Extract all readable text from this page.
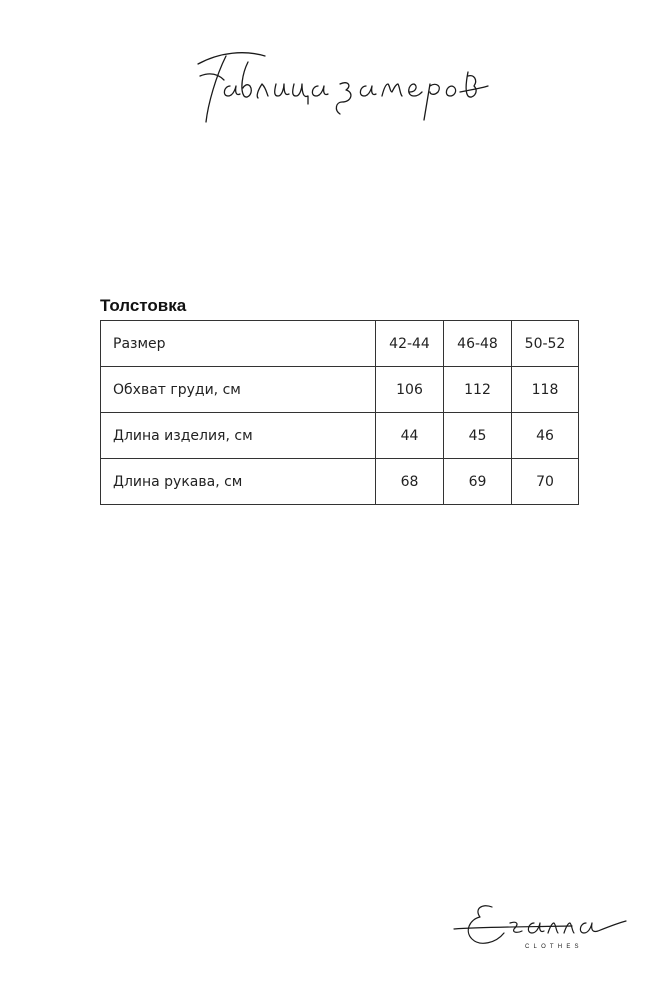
Толстовка
Размер	42-44	46-48	50-52
Обхват груди, см	106	112	118
Длина изделия, см	44	45	46
Длина рукава, см	68	69	70
CLOTHES
